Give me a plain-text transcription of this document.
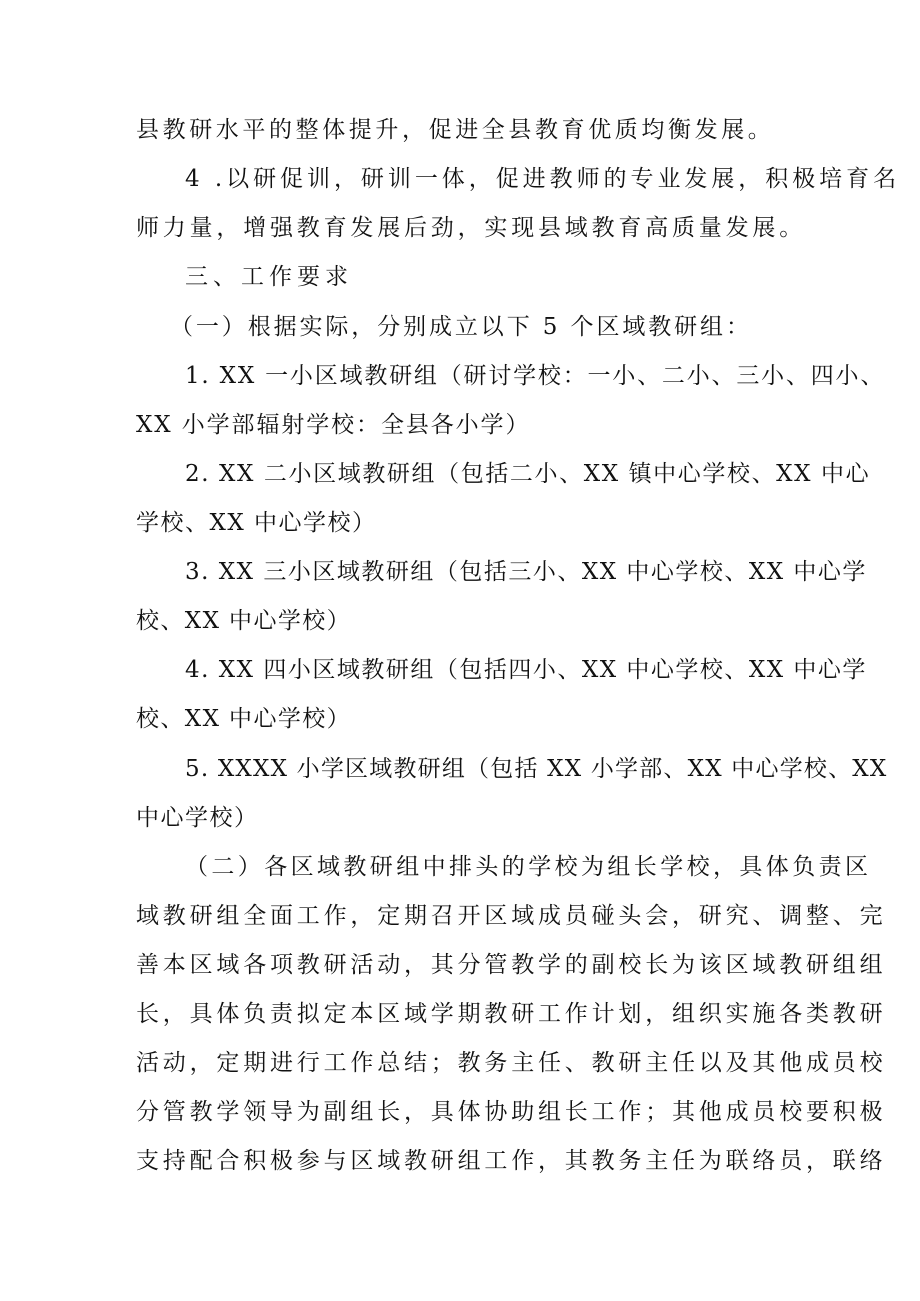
县教研水平的整体提升，促进全县教育优质均衡发展。
4 .以研促训，研训一体，促进教师的专业发展，积极培育名
师力量，增强教育发展后劲，实现县域教育高质量发展。
三、工作要求
（一）根据实际，分别成立以下 5 个区域教研组：
1. XX 一小区域教研组（研讨学校：一小、二小、三小、四小、
XX 小学部辐射学校：全县各小学）
2. XX 二小区域教研组（包括二小、XX 镇中心学校、XX 中心
学校、XX 中心学校）
3. XX 三小区域教研组（包括三小、XX 中心学校、XX 中心学
校、XX 中心学校）
4. XX 四小区域教研组（包括四小、XX 中心学校、XX 中心学
校、XX 中心学校）
5. XXXX 小学区域教研组（包括 XX 小学部、XX 中心学校、XX
中心学校）
（二）各区域教研组中排头的学校为组长学校，具体负责区
域教研组全面工作，定期召开区域成员碰头会，研究、调整、完
善本区域各项教研活动，其分管教学的副校长为该区域教研组组
长，具体负责拟定本区域学期教研工作计划，组织实施各类教研
活动，定期进行工作总结；教务主任、教研主任以及其他成员校
分管教学领导为副组长，具体协助组长工作；其他成员校要积极
支持配合积极参与区域教研组工作，其教务主任为联络员，联络
